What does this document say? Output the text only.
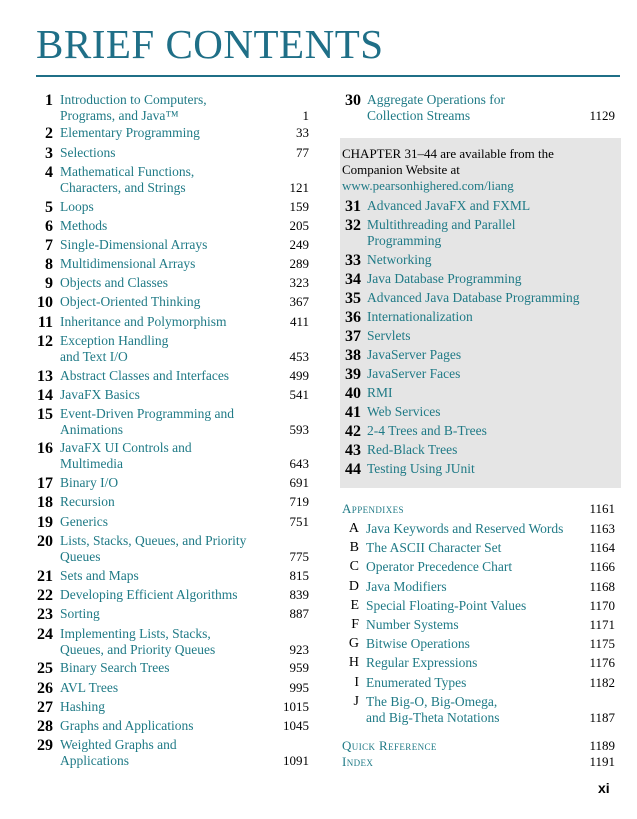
BRIEF CONTENTS
1 Introduction to Computers,
Programs, and Java™	1
2 Elementary Programming	33
3 Selections	77
4 Mathematical Functions,
Characters, and Strings	121
5 Loops	159
6 Methods	205
7 Single-Dimensional Arrays	249
8 Multidimensional Arrays	289
9 Objects and Classes	323
10 Object-Oriented Thinking	367
11 Inheritance and Polymorphism	411
12 Exception Handling
and Text I/O	453
13 Abstract Classes and Interfaces	499
14 JavaFX Basics	541
15 Event-Driven Programming and
Animations	593
16 JavaFX UI Controls and
Multimedia	643
17 Binary I/O	691
18 Recursion	719
19 Generics	751
20 Lists, Stacks, Queues, and Priority
Queues	775
21 Sets and Maps	815
22 Developing Efficient Algorithms	839
23 Sorting	887
24 Implementing Lists, Stacks,
Queues, and Priority Queues	923
25 Binary Search Trees	959
26 AVL Trees	995
27 Hashing	1015
28 Graphs and Applications	1045
29 Weighted Graphs and
Applications	1091
30 Aggregate Operations for
Collection Streams	1129
CHAPTER 31–44 are available from the Companion Website at www.pearsonhighered.com/liang
31 Advanced JavaFX and FXML
32 Multithreading and Parallel
Programming
33 Networking
34 Java Database Programming
35 Advanced Java Database Programming
36 Internationalization
37 Servlets
38 JavaServer Pages
39 JavaServer Faces
40 RMI
41 Web Services
42 2-4 Trees and B-Trees
43 Red-Black Trees
44 Testing Using JUnit
Appendixes	1161
A Java Keywords and Reserved Words	1163
B The ASCII Character Set	1164
C Operator Precedence Chart	1166
D Java Modifiers	1168
E Special Floating-Point Values	1170
F Number Systems	1171
G Bitwise Operations	1175
H Regular Expressions	1176
I Enumerated Types	1182
J The Big-O, Big-Omega,
and Big-Theta Notations	1187
Quick Reference	1189
Index	1191
xi
